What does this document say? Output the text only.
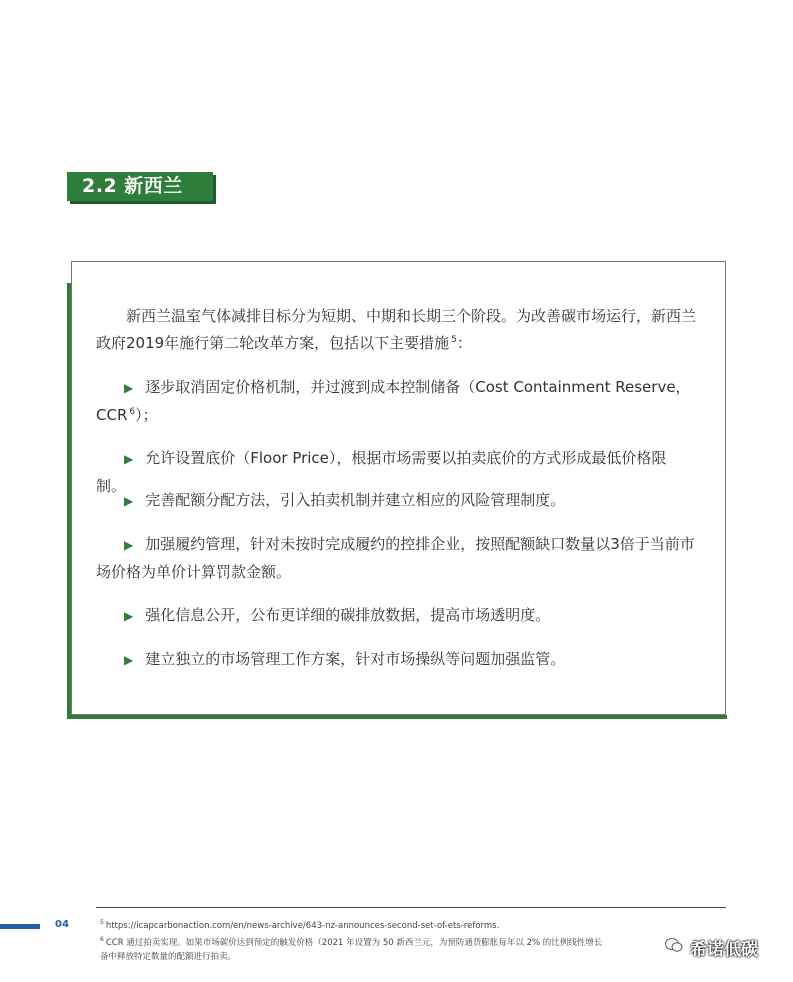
2.2 新西兰
新西兰温室气体减排目标分为短期、中期和长期三个阶段。为改善碳市场运行，新西兰政府2019年施行第二轮改革方案，包括以下主要措施 $^5$：
▶ 逐步取消固定价格机制，并过渡到成本控制储备（Cost Containment Reserve，CCR $^6$）；
▶ 允许设置底价（Floor Price），根据市场需要以拍卖底价的方式形成最低价格限制。
▶ 完善配额分配方法，引入拍卖机制并建立相应的风险管理制度。
▶ 加强履约管理，针对未按时完成履约的控排企业，按照配额缺口数量以3倍于当前市场价格为单价计算罚款金额。
▶ 强化信息公开，公布更详细的碳排放数据，提高市场透明度。
▶ 建立独立的市场管理工作方案，针对市场操纵等问题加强监管。
04	$^5$ https://icapcarbonaction.com/en/news-archive/643-nz-announces-second-set-of-ets-reforms.
$^6$ CCR 通过拍卖实现。如果市场碳价达到预定的触发价格（2021 年设置为 50 新西兰元，为预防通货膨胀每年以 2% 的比例线性增长
备中释放特定数量的配额进行拍卖。	希诺低碳
